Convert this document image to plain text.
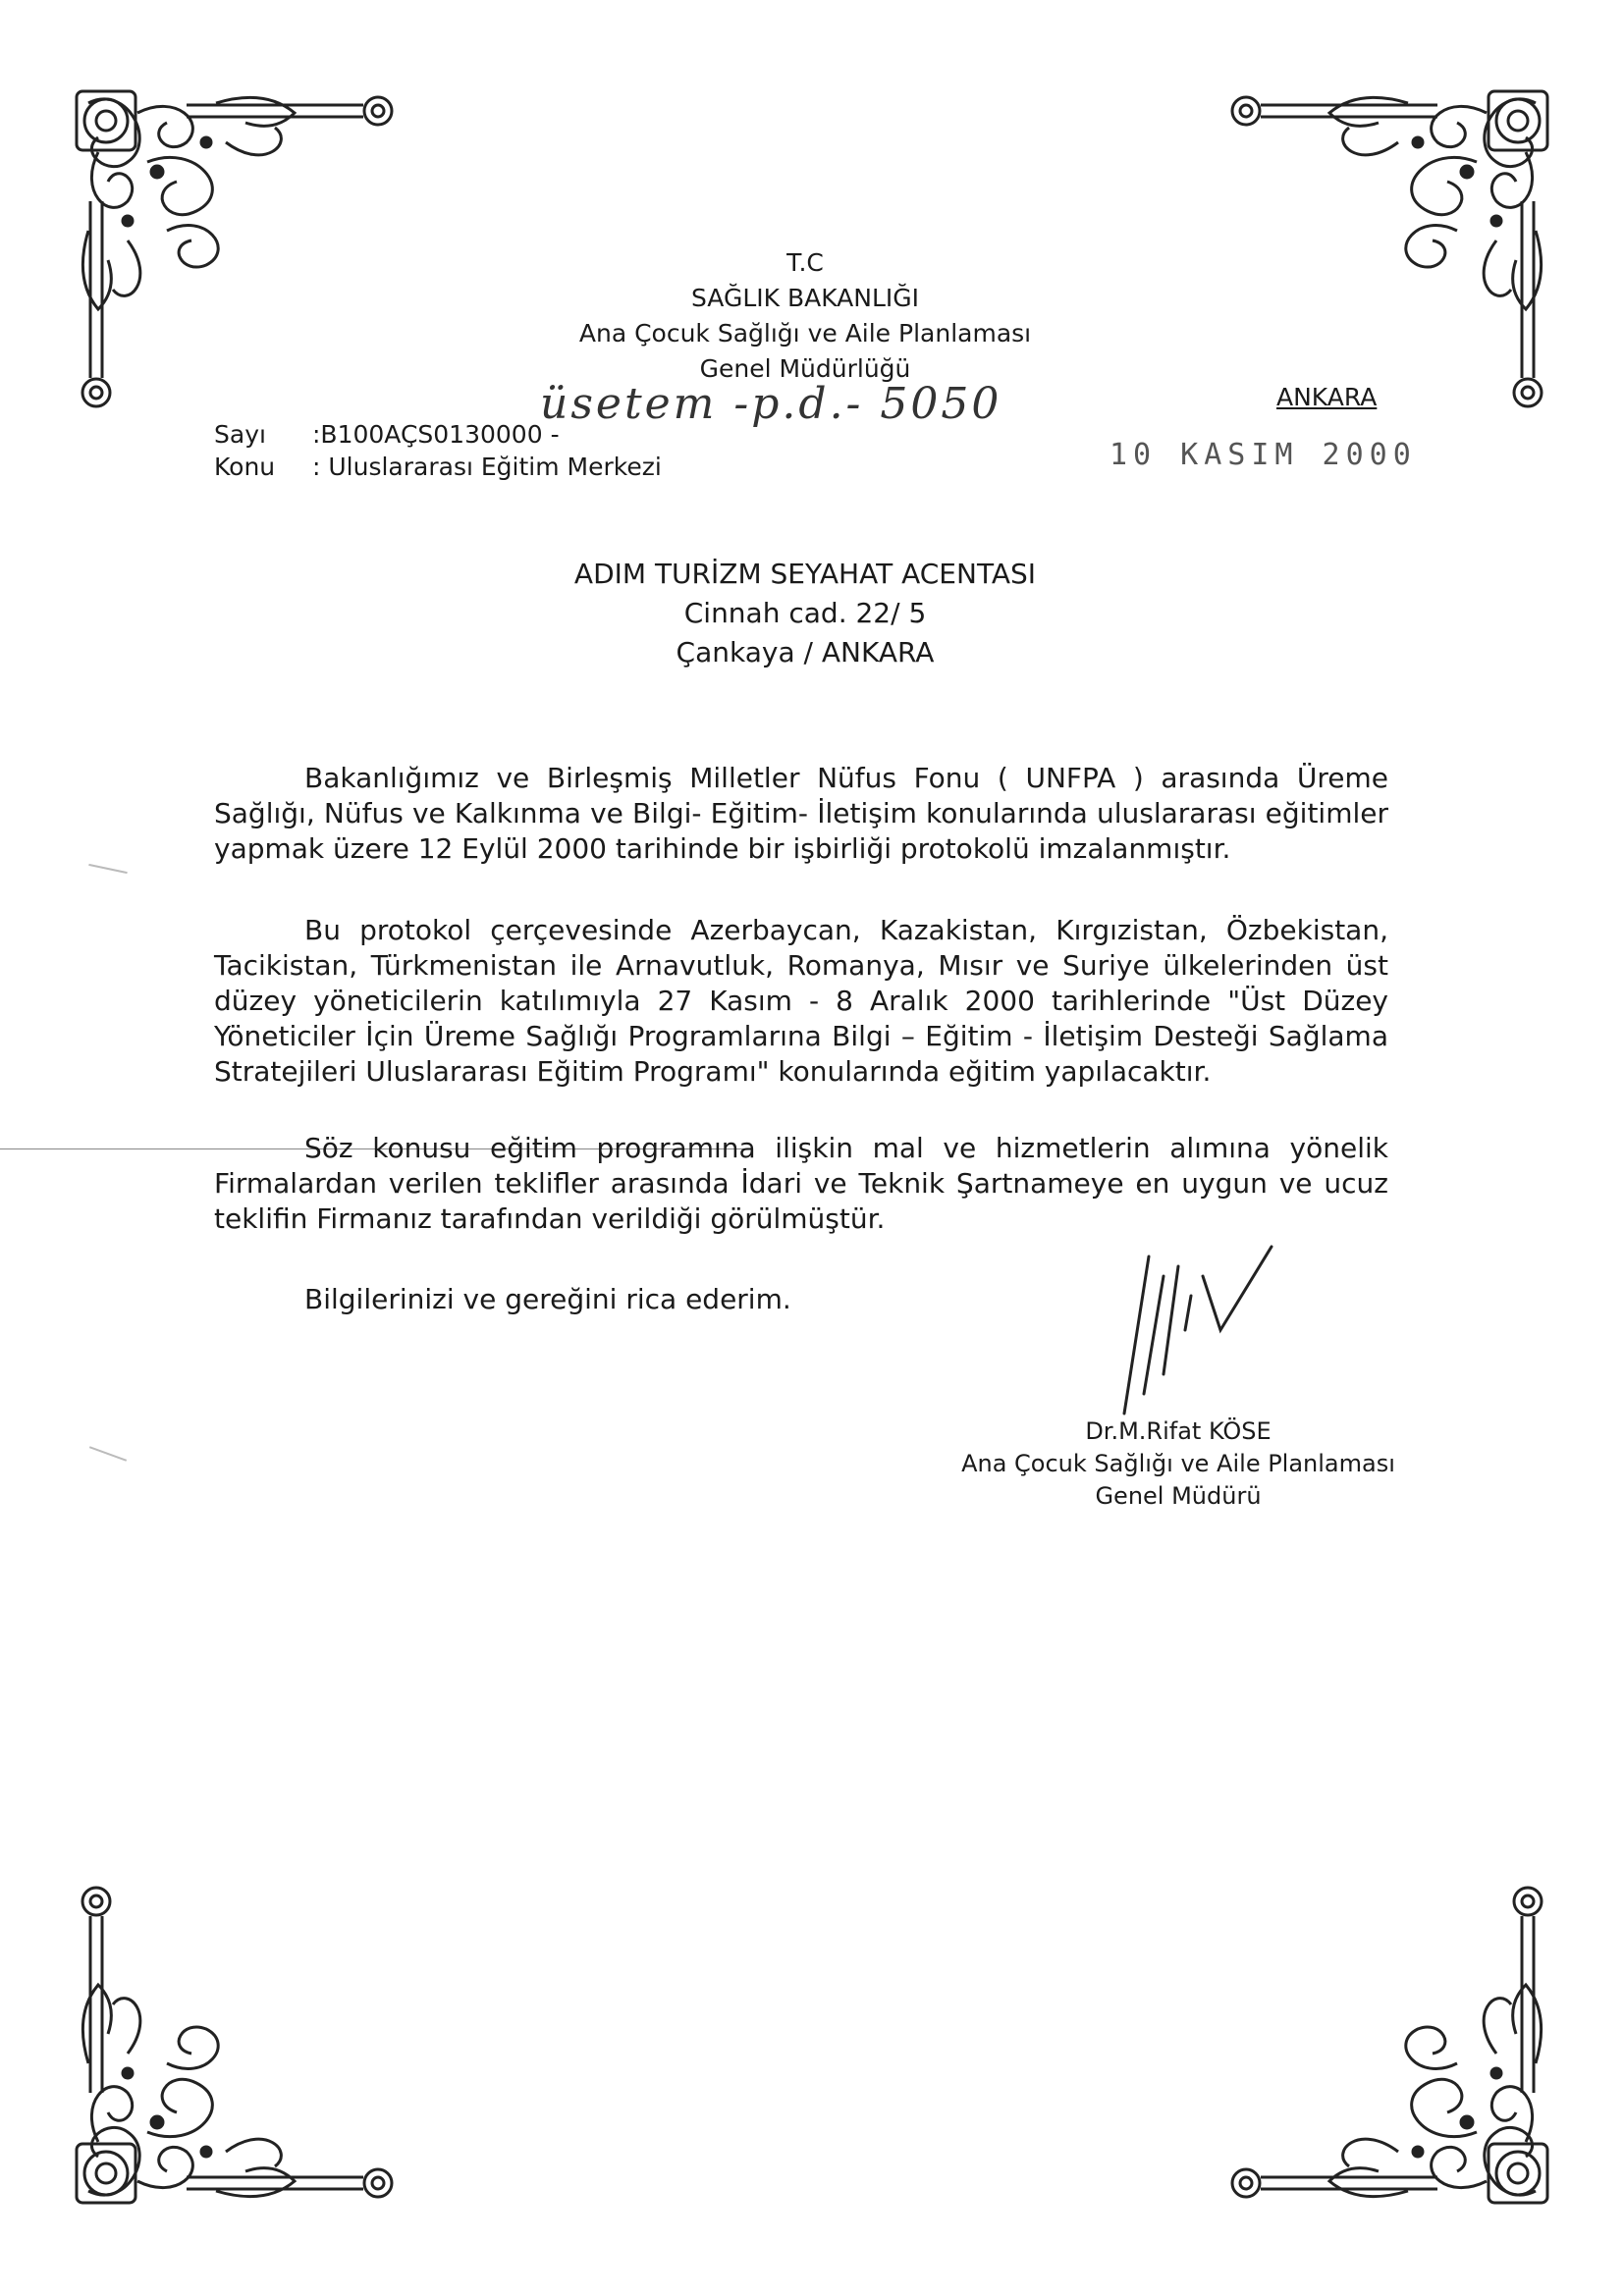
T.C
SAĞLIK BAKANLIĞI
Ana Çocuk Sağlığı ve Aile Planlaması
Genel Müdürlüğü
Sayı :B100AÇS0130000 -
Konu : Uluslararası Eğitim Merkezi
üsetem -p.d.- 5050	ANKARA
10 KASIM 2000
ADIM TURİZM SEYAHAT ACENTASI
Cinnah cad. 22/ 5
Çankaya / ANKARA

Bakanlığımız ve Birleşmiş Milletler Nüfus Fonu ( UNFPA ) arasında Üreme Sağlığı, Nüfus ve Kalkınma ve Bilgi- Eğitim- İletişim konularında uluslararası eğitimler yapmak üzere 12 Eylül 2000 tarihinde bir işbirliği protokolü imzalanmıştır.

Bu protokol çerçevesinde Azerbaycan, Kazakistan, Kırgızistan, Özbekistan, Tacikistan, Türkmenistan ile Arnavutluk, Romanya, Mısır ve Suriye ülkelerinden üst düzey yöneticilerin katılımıyla 27 Kasım - 8 Aralık 2000 tarihlerinde "Üst Düzey Yöneticiler İçin Üreme Sağlığı Programlarına Bilgi – Eğitim - İletişim Desteği Sağlama Stratejileri Uluslararası Eğitim Programı" konularında eğitim yapılacaktır.

Söz konusu eğitim programına ilişkin mal ve hizmetlerin alımına yönelik Firmalardan verilen teklifler arasında İdari ve Teknik Şartnameye en uygun ve ucuz teklifin Firmanız tarafından verildiği görülmüştür.

Bilgilerinizi ve gereğini rica ederim.

Dr.M.Rifat KÖSE
Ana Çocuk Sağlığı ve Aile Planlaması
Genel Müdürü
